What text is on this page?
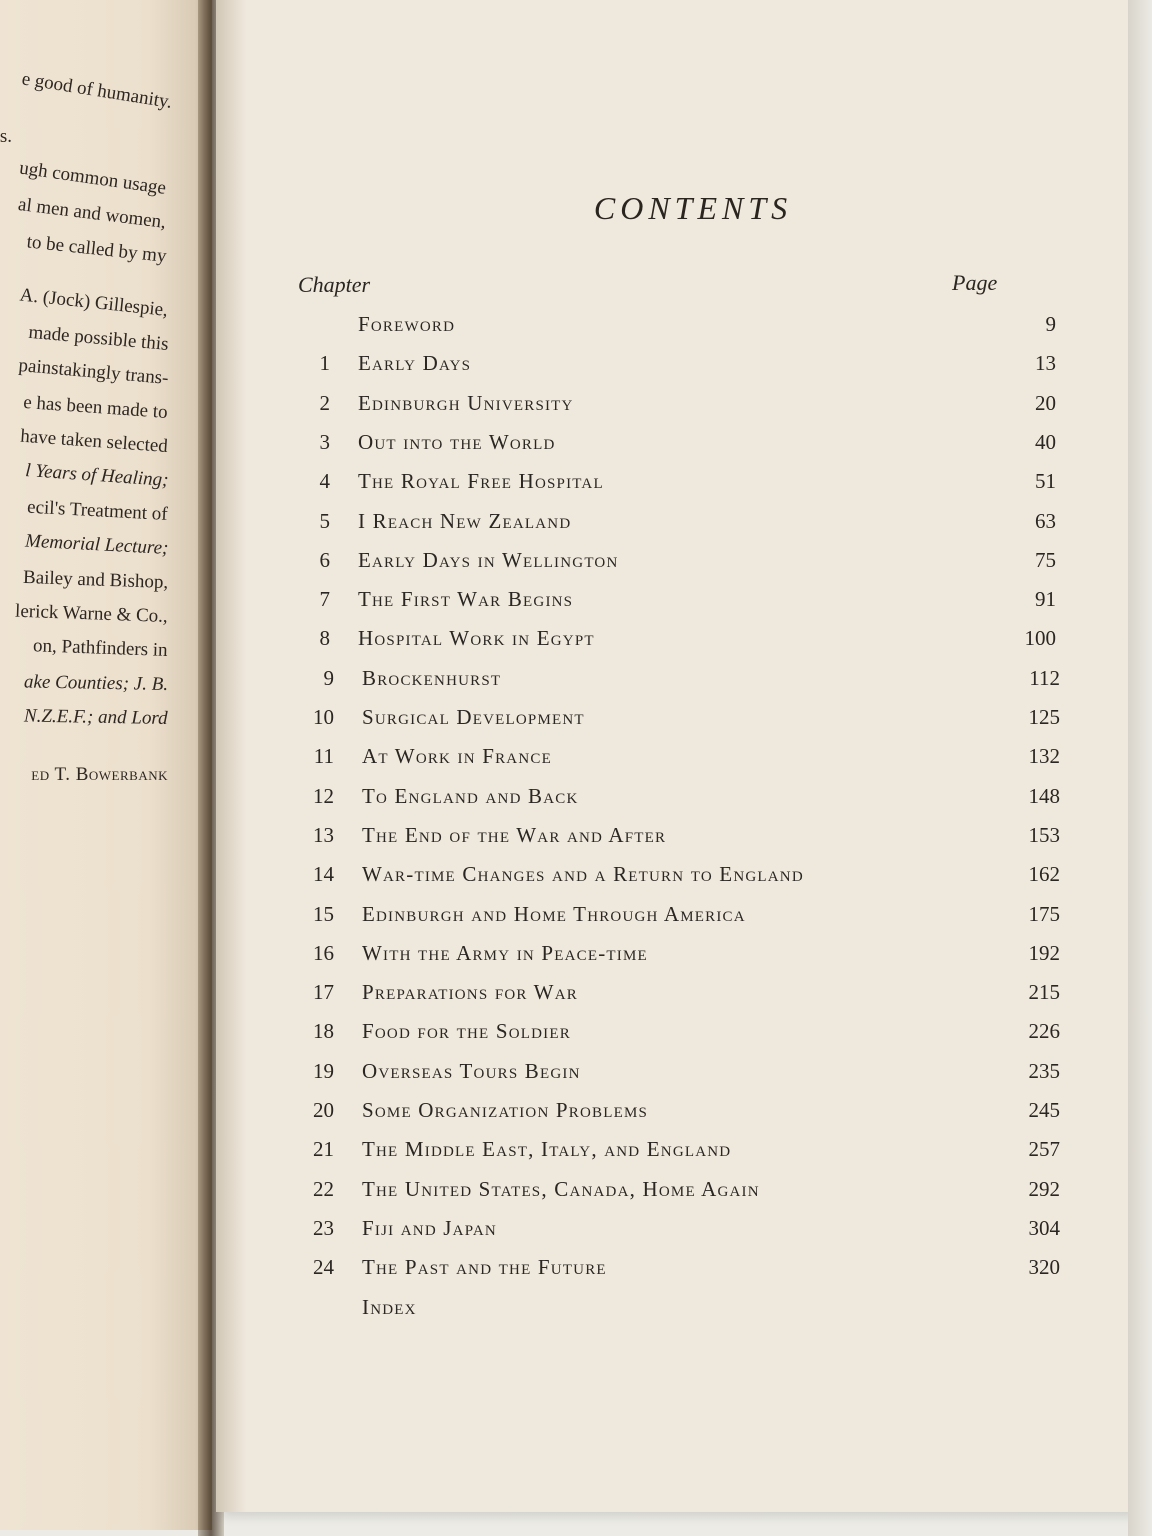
e good of humanity.
s.
ugh common usage
al men and women,
to be called by my
A. (Jock) Gillespie,
made possible this
painstakingly trans-
e has been made to
have taken selected
l Years of Healing;
ecil's Treatment of
Memorial Lecture;
Bailey and Bishop,
lerick Warne & Co.,
on, Pathfinders in
ake Counties; J. B.
N.Z.E.F.; and Lord
ed T. Bowerbank
CONTENTS
Chapter	Page
Foreword	9
1 Early Days	13
2 Edinburgh University	20
3 Out into the World	40
4 The Royal Free Hospital	51
5 I Reach New Zealand	63
6 Early Days in Wellington	75
7 The First War Begins	91
8 Hospital Work in Egypt	100
9 Brockenhurst	112
10 Surgical Development	125
11 At Work in France	132
12 To England and Back	148
13 The End of the War and After	153
14 War-time Changes and a Return to England	162
15 Edinburgh and Home Through America	175
16 With the Army in Peace-time	192
17 Preparations for War	215
18 Food for the Soldier	226
19 Overseas Tours Begin	235
20 Some Organization Problems	245
21 The Middle East, Italy, and England	257
22 The United States, Canada, Home Again	292
23 Fiji and Japan	304
24 The Past and the Future	320
Index
